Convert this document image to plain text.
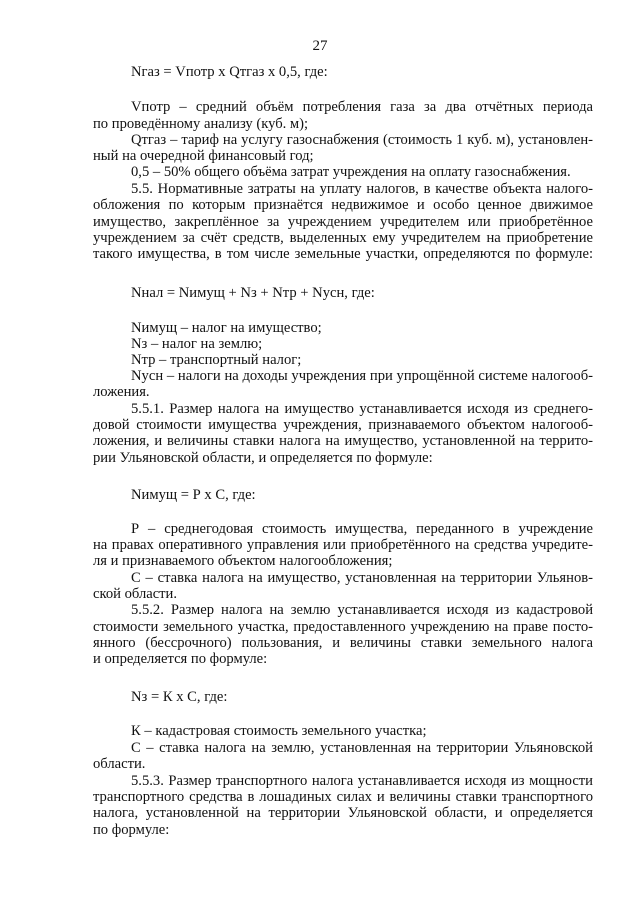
27
Nгаз = Vпотр х Qтгаз х 0,5, где:
Vпотр – средний объём потребления газа за два отчётных периода
по проведённому анализу (куб. м);
Qтгаз – тариф на услугу газоснабжения (стоимость 1 куб. м), установлен-
ный на очередной финансовый год;
0,5 – 50% общего объёма затрат учреждения на оплату газоснабжения.
5.5. Нормативные затраты на уплату налогов, в качестве объекта налого-
обложения по которым признаётся недвижимое и особо ценное движимое
имущество, закреплённое за учреждением учредителем или приобретённое
учреждением за счёт средств, выделенных ему учредителем на приобретение
такого имущества, в том числе земельные участки, определяются по формуле:
Nнал = Nимущ + Nз + Nтр + Nусн, где:
Nимущ – налог на имущество;
Nз – налог на землю;
Nтр – транспортный налог;
Nусн – налоги на доходы учреждения при упрощённой системе налогооб-
ложения.
5.5.1. Размер налога на имущество устанавливается исходя из среднего-
довой стоимости имущества учреждения, признаваемого объектом налогооб-
ложения, и величины ставки налога на имущество, установленной на террито-
рии Ульяновской области, и определяется по формуле:
Nимущ = Р х С, где:
Р – среднегодовая стоимость имущества, переданного в учреждение
на правах оперативного управления или приобретённого на средства учредите-
ля и признаваемого объектом налогообложения;
С – ставка налога на имущество, установленная на территории Ульянов-
ской области.
5.5.2. Размер налога на землю устанавливается исходя из кадастровой
стоимости земельного участка, предоставленного учреждению на праве посто-
янного (бессрочного) пользования, и величины ставки земельного налога
и определяется по формуле:
Nз = К х С, где:
К – кадастровая стоимость земельного участка;
С – ставка налога на землю, установленная на территории Ульяновской
области.
5.5.3. Размер транспортного налога устанавливается исходя из мощности
транспортного средства в лошадиных силах и величины ставки транспортного
налога, установленной на территории Ульяновской области, и определяется
по формуле:
